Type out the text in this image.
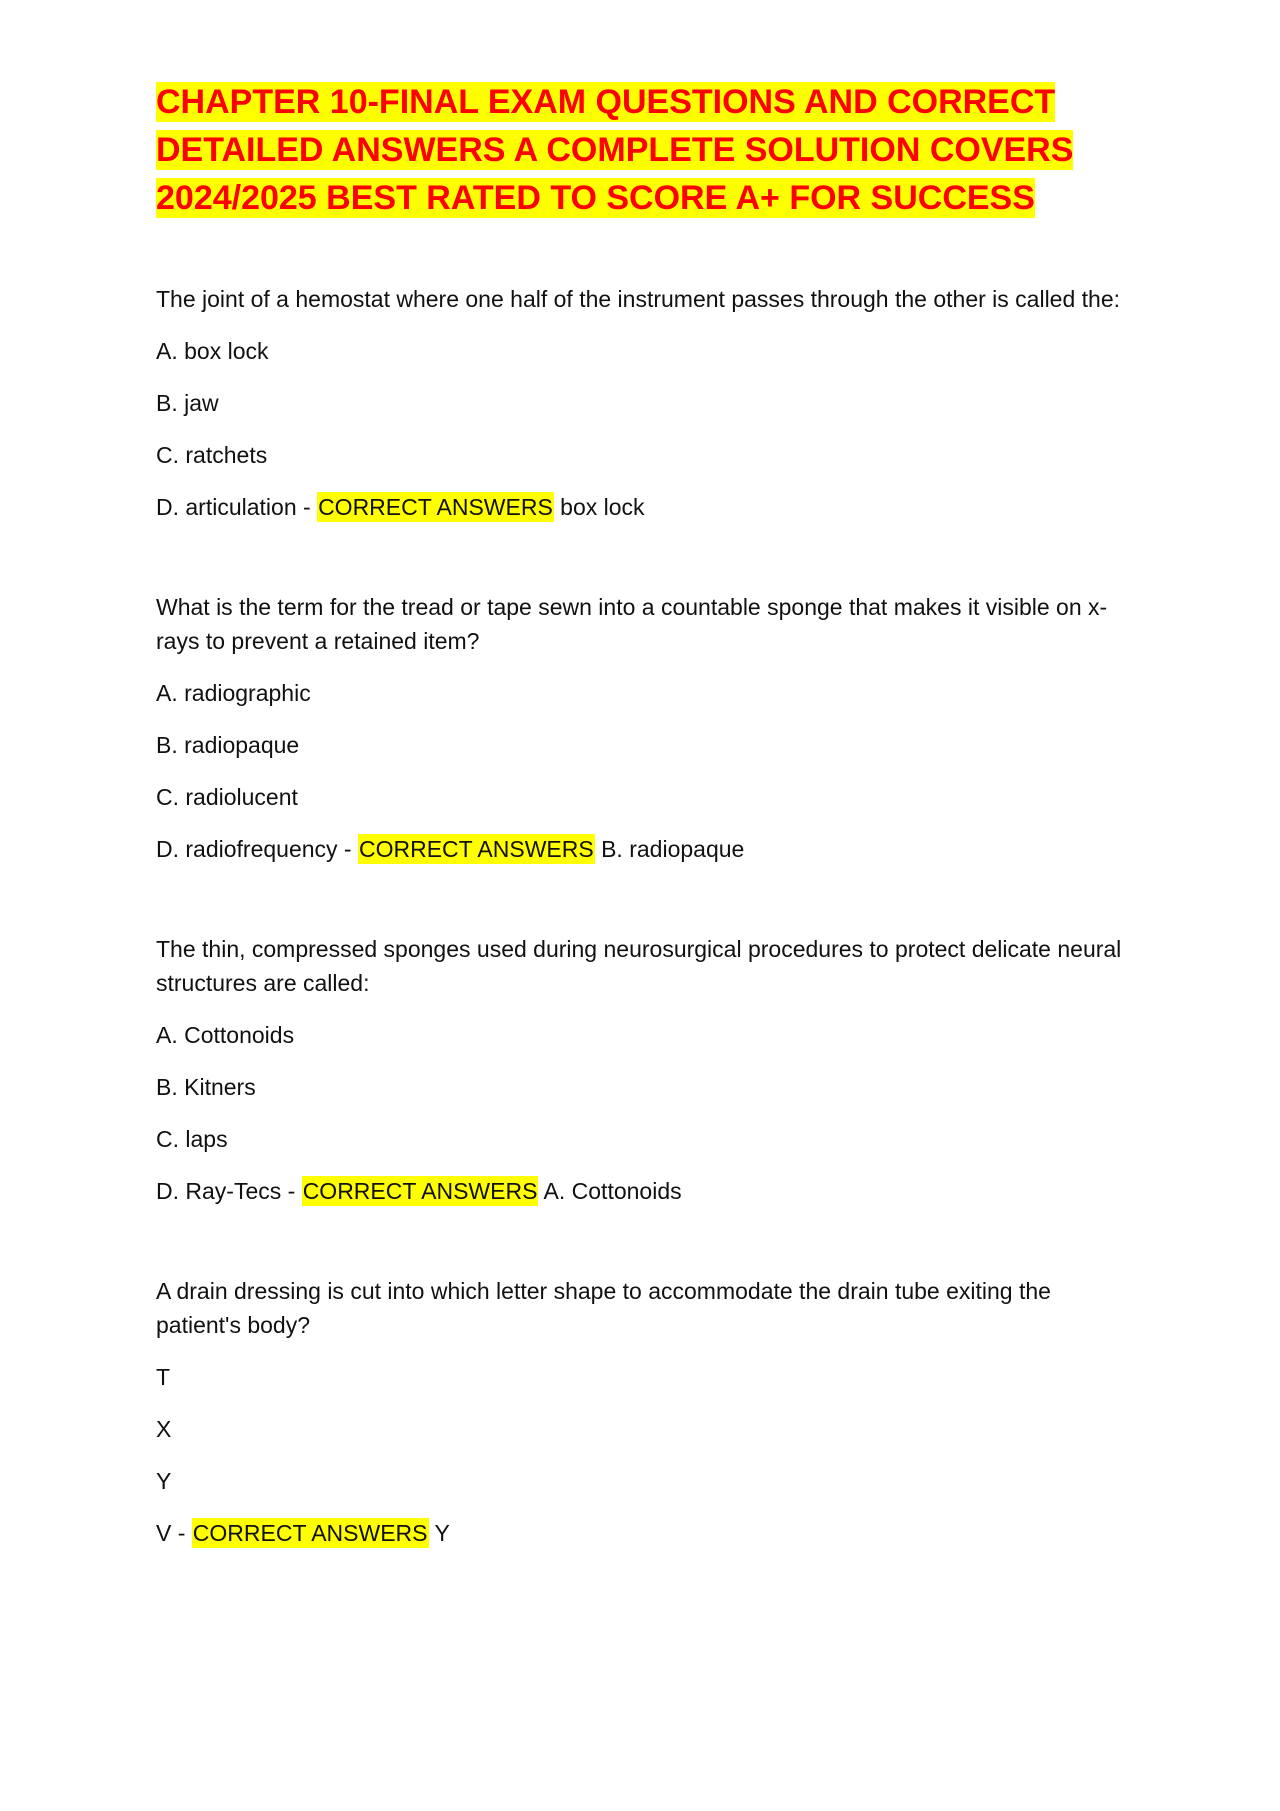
CHAPTER 10-FINAL EXAM QUESTIONS AND CORRECT DETAILED ANSWERS A COMPLETE SOLUTION COVERS 2024/2025 BEST RATED TO SCORE A+ FOR SUCCESS

The joint of a hemostat where one half of the instrument passes through the other is called the:

A. box lock

B. jaw

C. ratchets

D. articulation - CORRECT ANSWERS box lock

What is the term for the tread or tape sewn into a countable sponge that makes it visible on x-rays to prevent a retained item?

A. radiographic

B. radiopaque

C. radiolucent

D. radiofrequency - CORRECT ANSWERS B. radiopaque

The thin, compressed sponges used during neurosurgical procedures to protect delicate neural structures are called:

A. Cottonoids

B. Kitners

C. laps

D. Ray-Tecs - CORRECT ANSWERS A. Cottonoids

A drain dressing is cut into which letter shape to accommodate the drain tube exiting the patient's body?

T

X

Y

V - CORRECT ANSWERS Y
